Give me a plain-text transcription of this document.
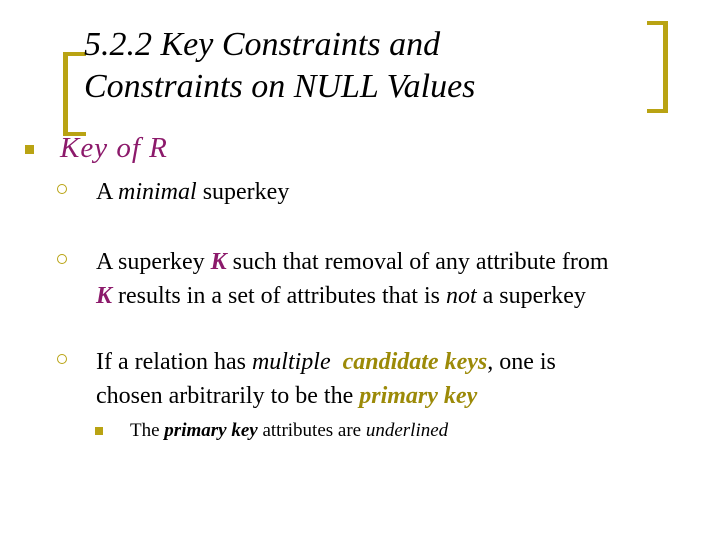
5.2.2 Key Constraints and
Constraints on NULL Values
Key of R
A minimal superkey
A superkey K such that removal of any attribute from
K results in a set of attributes that is not a superkey
If a relation has multiple candidate keys, one is
chosen arbitrarily to be the primary key
The primary key attributes are underlined
